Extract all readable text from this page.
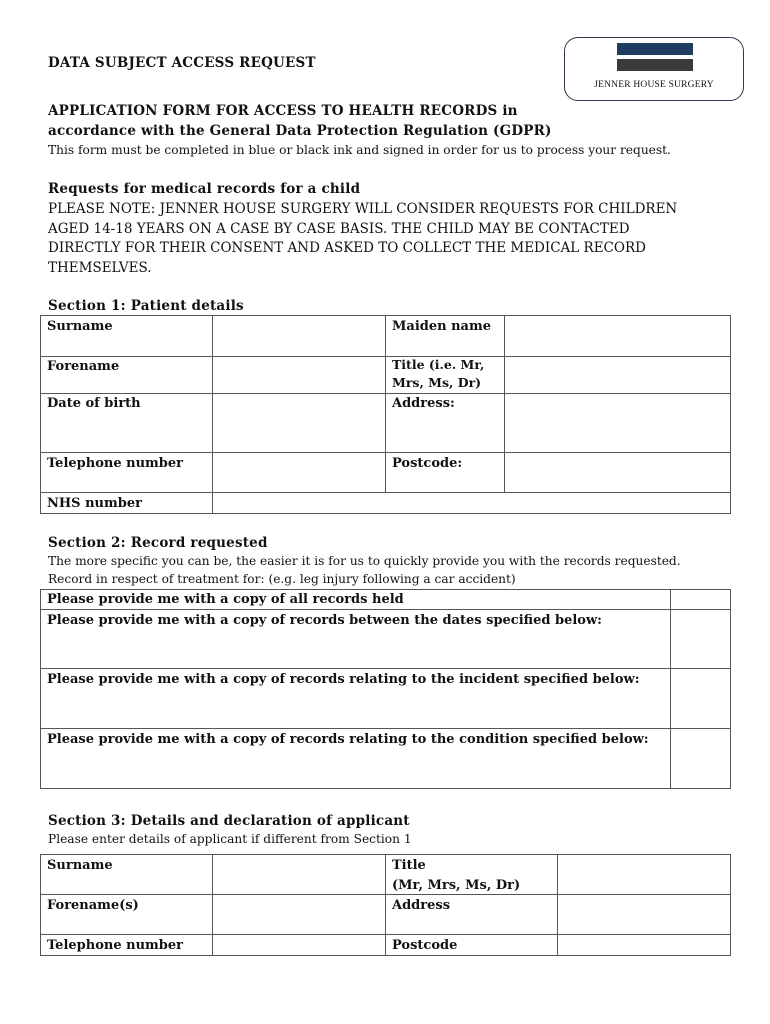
DATA SUBJECT ACCESS REQUEST
JENNER HOUSE SURGERY
APPLICATION FORM FOR ACCESS TO HEALTH RECORDS in
accordance with the General Data Protection Regulation (GDPR)
This form must be completed in blue or black ink and signed in order for us to process your request.
Requests for medical records for a child
PLEASE NOTE: JENNER HOUSE SURGERY WILL CONSIDER REQUESTS FOR CHILDREN
AGED 14-18 YEARS ON A CASE BY CASE BASIS. THE CHILD MAY BE CONTACTED
DIRECTLY FOR THEIR CONSENT AND ASKED TO COLLECT THE MEDICAL RECORD
THEMSELVES.
Section 1: Patient details
Surname	Maiden name
Forename	Title (i.e. Mr,
Mrs, Ms, Dr)
Date of birth	Address:
Telephone number	Postcode:
NHS number
Section 2: Record requested
The more specific you can be, the easier it is for us to quickly provide you with the records requested.
Record in respect of treatment for: (e.g. leg injury following a car accident)
Please provide me with a copy of all records held
Please provide me with a copy of records between the dates specified below:
Please provide me with a copy of records relating to the incident specified below:
Please provide me with a copy of records relating to the condition specified below:
Section 3: Details and declaration of applicant
Please enter details of applicant if different from Section 1
Surname	Title
(Mr, Mrs, Ms, Dr)
Forename(s)	Address
Telephone number	Postcode
